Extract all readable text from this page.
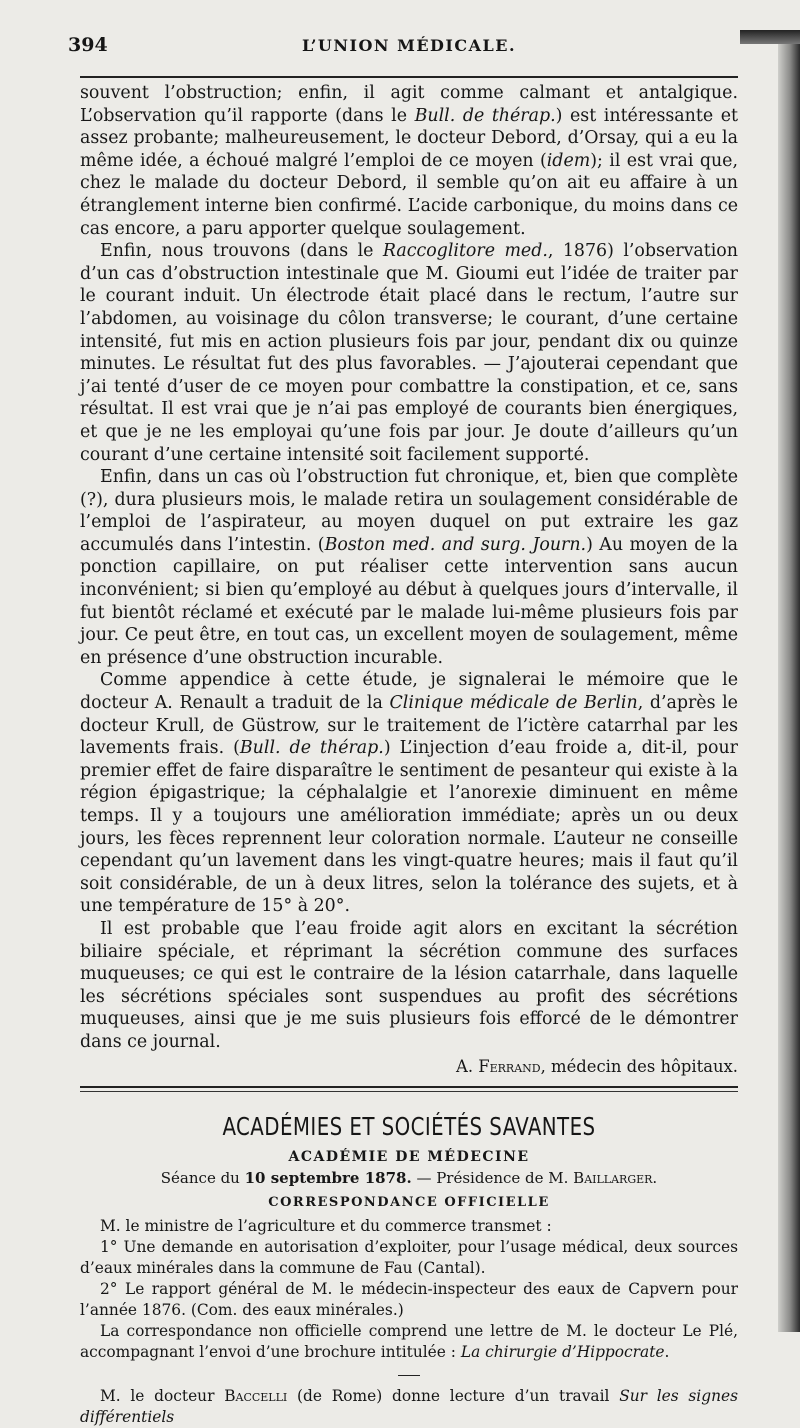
394	L’UNION MÉDICALE.

souvent l’obstruction; enfin, il agit comme calmant et antalgique. L’observation qu’il rapporte (dans le Bull. de thérap.) est intéressante et assez probante; malheureusement, le docteur Debord, d’Orsay, qui a eu la même idée, a échoué malgré l’emploi de ce moyen (idem); il est vrai que, chez le malade du docteur Debord, il semble qu’on ait eu affaire à un étranglement interne bien confirmé. L’acide carbonique, du moins dans ce cas encore, a paru apporter quelque soulagement.

Enfin, nous trouvons (dans le Raccoglitore med., 1876) l’observation d’un cas d’obstruction intestinale que M. Gioumi eut l’idée de traiter par le courant induit. Un électrode était placé dans le rectum, l’autre sur l’abdomen, au voisinage du côlon transverse; le courant, d’une certaine intensité, fut mis en action plusieurs fois par jour, pendant dix ou quinze minutes. Le résultat fut des plus favorables. — J’ajouterai cependant que j’ai tenté d’user de ce moyen pour combattre la constipation, et ce, sans résultat. Il est vrai que je n’ai pas employé de courants bien énergiques, et que je ne les employai qu’une fois par jour. Je doute d’ailleurs qu’un courant d’une certaine intensité soit facilement supporté.

Enfin, dans un cas où l’obstruction fut chronique, et, bien que complète (?), dura plusieurs mois, le malade retira un soulagement considérable de l’emploi de l’aspirateur, au moyen duquel on put extraire les gaz accumulés dans l’intestin. (Boston med. and surg. Journ.) Au moyen de la ponction capillaire, on put réaliser cette intervention sans aucun inconvénient; si bien qu’employé au début à quelques jours d’intervalle, il fut bientôt réclamé et exécuté par le malade lui-même plusieurs fois par jour. Ce peut être, en tout cas, un excellent moyen de soulagement, même en présence d’une obstruction incurable.

Comme appendice à cette étude, je signalerai le mémoire que le docteur A. Renault a traduit de la Clinique médicale de Berlin, d’après le docteur Krull, de Güstrow, sur le traitement de l’ictère catarrhal par les lavements frais. (Bull. de thérap.) L’injection d’eau froide a, dit-il, pour premier effet de faire disparaître le sentiment de pesanteur qui existe à la région épigastrique; la céphalalgie et l’anorexie diminuent en même temps. Il y a toujours une amélioration immédiate; après un ou deux jours, les fèces reprennent leur coloration normale. L’auteur ne conseille cependant qu’un lavement dans les vingt-quatre heures; mais il faut qu’il soit considérable, de un à deux litres, selon la tolérance des sujets, et à une température de 15° à 20°.

Il est probable que l’eau froide agit alors en excitant la sécrétion biliaire spéciale, et réprimant la sécrétion commune des surfaces muqueuses; ce qui est le contraire de la lésion catarrhale, dans laquelle les sécrétions spéciales sont suspendues au profit des sécrétions muqueuses, ainsi que je me suis plusieurs fois efforcé de le démontrer dans ce journal.

A. Ferrand, médecin des hôpitaux.

ACADÉMIES ET SOCIÉTÉS SAVANTES
ACADÉMIE DE MÉDECINE
Séance du 10 septembre 1878. — Présidence de M. Baillarger.
CORRESPONDANCE OFFICIELLE

M. le ministre de l’agriculture et du commerce transmet :

1° Une demande en autorisation d’exploiter, pour l’usage médical, deux sources d’eaux minérales dans la commune de Fau (Cantal).

2° Le rapport général de M. le médecin-inspecteur des eaux de Capvern pour l’année 1876. (Com. des eaux minérales.)

La correspondance non officielle comprend une lettre de M. le docteur Le Plé, accompagnant l’envoi d’une brochure intitulée : La chirurgie d’Hippocrate.

M. le docteur Baccelli (de Rome) donne lecture d’un travail Sur les signes différentiels
